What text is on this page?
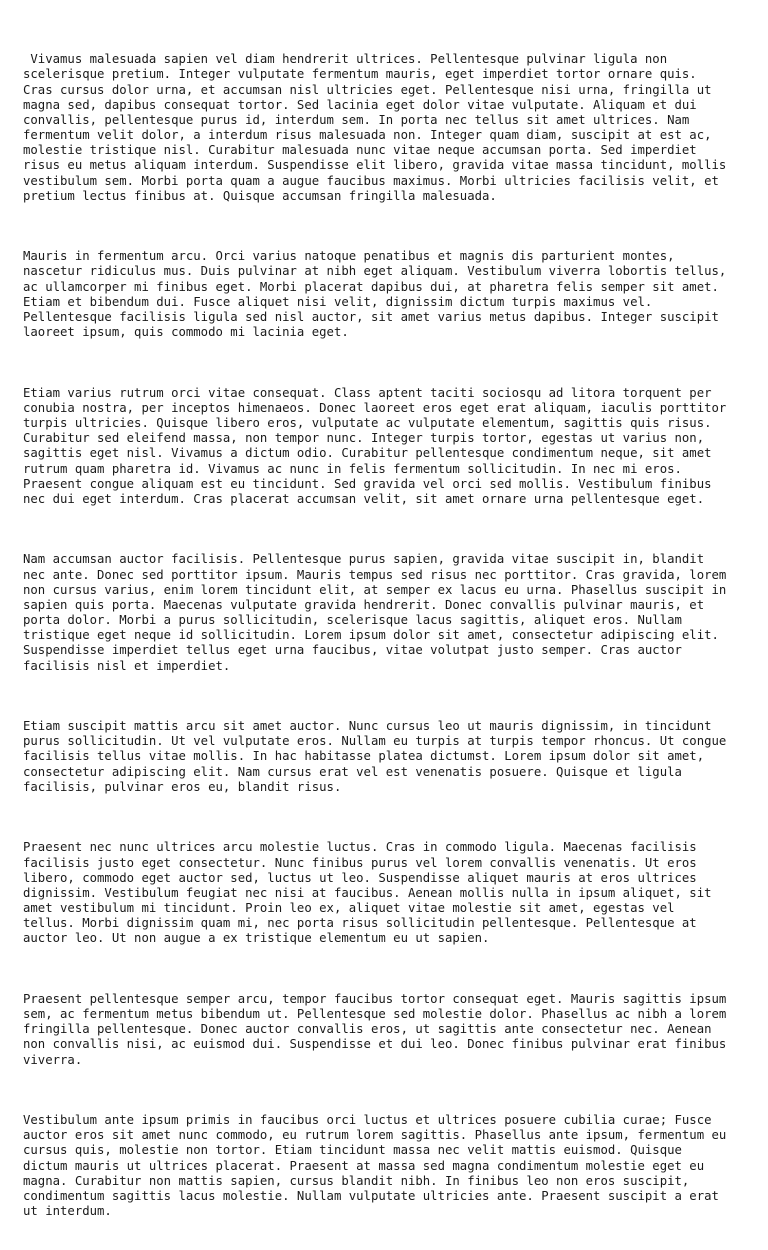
Vivamus malesuada sapien vel diam hendrerit ultrices. Pellentesque pulvinar ligula non
scelerisque pretium. Integer vulputate fermentum mauris, eget imperdiet tortor ornare quis.
Cras cursus dolor urna, et accumsan nisl ultricies eget. Pellentesque nisi urna, fringilla ut
magna sed, dapibus consequat tortor. Sed lacinia eget dolor vitae vulputate. Aliquam et dui
convallis, pellentesque purus id, interdum sem. In porta nec tellus sit amet ultrices. Nam
fermentum velit dolor, a interdum risus malesuada non. Integer quam diam, suscipit at est ac,
molestie tristique nisl. Curabitur malesuada nunc vitae neque accumsan porta. Sed imperdiet
risus eu metus aliquam interdum. Suspendisse elit libero, gravida vitae massa tincidunt, mollis
vestibulum sem. Morbi porta quam a augue faucibus maximus. Morbi ultricies facilisis velit, et
pretium lectus finibus at. Quisque accumsan fringilla malesuada.

Mauris in fermentum arcu. Orci varius natoque penatibus et magnis dis parturient montes,
nascetur ridiculus mus. Duis pulvinar at nibh eget aliquam. Vestibulum viverra lobortis tellus,
ac ullamcorper mi finibus eget. Morbi placerat dapibus dui, at pharetra felis semper sit amet.
Etiam et bibendum dui. Fusce aliquet nisi velit, dignissim dictum turpis maximus vel.
Pellentesque facilisis ligula sed nisl auctor, sit amet varius metus dapibus. Integer suscipit
laoreet ipsum, quis commodo mi lacinia eget.

Etiam varius rutrum orci vitae consequat. Class aptent taciti sociosqu ad litora torquent per
conubia nostra, per inceptos himenaeos. Donec laoreet eros eget erat aliquam, iaculis porttitor
turpis ultricies. Quisque libero eros, vulputate ac vulputate elementum, sagittis quis risus.
Curabitur sed eleifend massa, non tempor nunc. Integer turpis tortor, egestas ut varius non,
sagittis eget nisl. Vivamus a dictum odio. Curabitur pellentesque condimentum neque, sit amet
rutrum quam pharetra id. Vivamus ac nunc in felis fermentum sollicitudin. In nec mi eros.
Praesent congue aliquam est eu tincidunt. Sed gravida vel orci sed mollis. Vestibulum finibus
nec dui eget interdum. Cras placerat accumsan velit, sit amet ornare urna pellentesque eget.

Nam accumsan auctor facilisis. Pellentesque purus sapien, gravida vitae suscipit in, blandit
nec ante. Donec sed porttitor ipsum. Mauris tempus sed risus nec porttitor. Cras gravida, lorem
non cursus varius, enim lorem tincidunt elit, at semper ex lacus eu urna. Phasellus suscipit in
sapien quis porta. Maecenas vulputate gravida hendrerit. Donec convallis pulvinar mauris, et
porta dolor. Morbi a purus sollicitudin, scelerisque lacus sagittis, aliquet eros. Nullam
tristique eget neque id sollicitudin. Lorem ipsum dolor sit amet, consectetur adipiscing elit.
Suspendisse imperdiet tellus eget urna faucibus, vitae volutpat justo semper. Cras auctor
facilisis nisl et imperdiet.

Etiam suscipit mattis arcu sit amet auctor. Nunc cursus leo ut mauris dignissim, in tincidunt
purus sollicitudin. Ut vel vulputate eros. Nullam eu turpis at turpis tempor rhoncus. Ut congue
facilisis tellus vitae mollis. In hac habitasse platea dictumst. Lorem ipsum dolor sit amet,
consectetur adipiscing elit. Nam cursus erat vel est venenatis posuere. Quisque et ligula
facilisis, pulvinar eros eu, blandit risus.

Praesent nec nunc ultrices arcu molestie luctus. Cras in commodo ligula. Maecenas facilisis
facilisis justo eget consectetur. Nunc finibus purus vel lorem convallis venenatis. Ut eros
libero, commodo eget auctor sed, luctus ut leo. Suspendisse aliquet mauris at eros ultrices
dignissim. Vestibulum feugiat nec nisi at faucibus. Aenean mollis nulla in ipsum aliquet, sit
amet vestibulum mi tincidunt. Proin leo ex, aliquet vitae molestie sit amet, egestas vel
tellus. Morbi dignissim quam mi, nec porta risus sollicitudin pellentesque. Pellentesque at
auctor leo. Ut non augue a ex tristique elementum eu ut sapien.

Praesent pellentesque semper arcu, tempor faucibus tortor consequat eget. Mauris sagittis ipsum
sem, ac fermentum metus bibendum ut. Pellentesque sed molestie dolor. Phasellus ac nibh a lorem
fringilla pellentesque. Donec auctor convallis eros, ut sagittis ante consectetur nec. Aenean
non convallis nisi, ac euismod dui. Suspendisse et dui leo. Donec finibus pulvinar erat finibus
viverra.

Vestibulum ante ipsum primis in faucibus orci luctus et ultrices posuere cubilia curae; Fusce
auctor eros sit amet nunc commodo, eu rutrum lorem sagittis. Phasellus ante ipsum, fermentum eu
cursus quis, molestie non tortor. Etiam tincidunt massa nec velit mattis euismod. Quisque
dictum mauris ut ultrices placerat. Praesent at massa sed magna condimentum molestie eget eu
magna. Curabitur non mattis sapien, cursus blandit nibh. In finibus leo non eros suscipit,
condimentum sagittis lacus molestie. Nullam vulputate ultricies ante. Praesent suscipit a erat
ut interdum.
